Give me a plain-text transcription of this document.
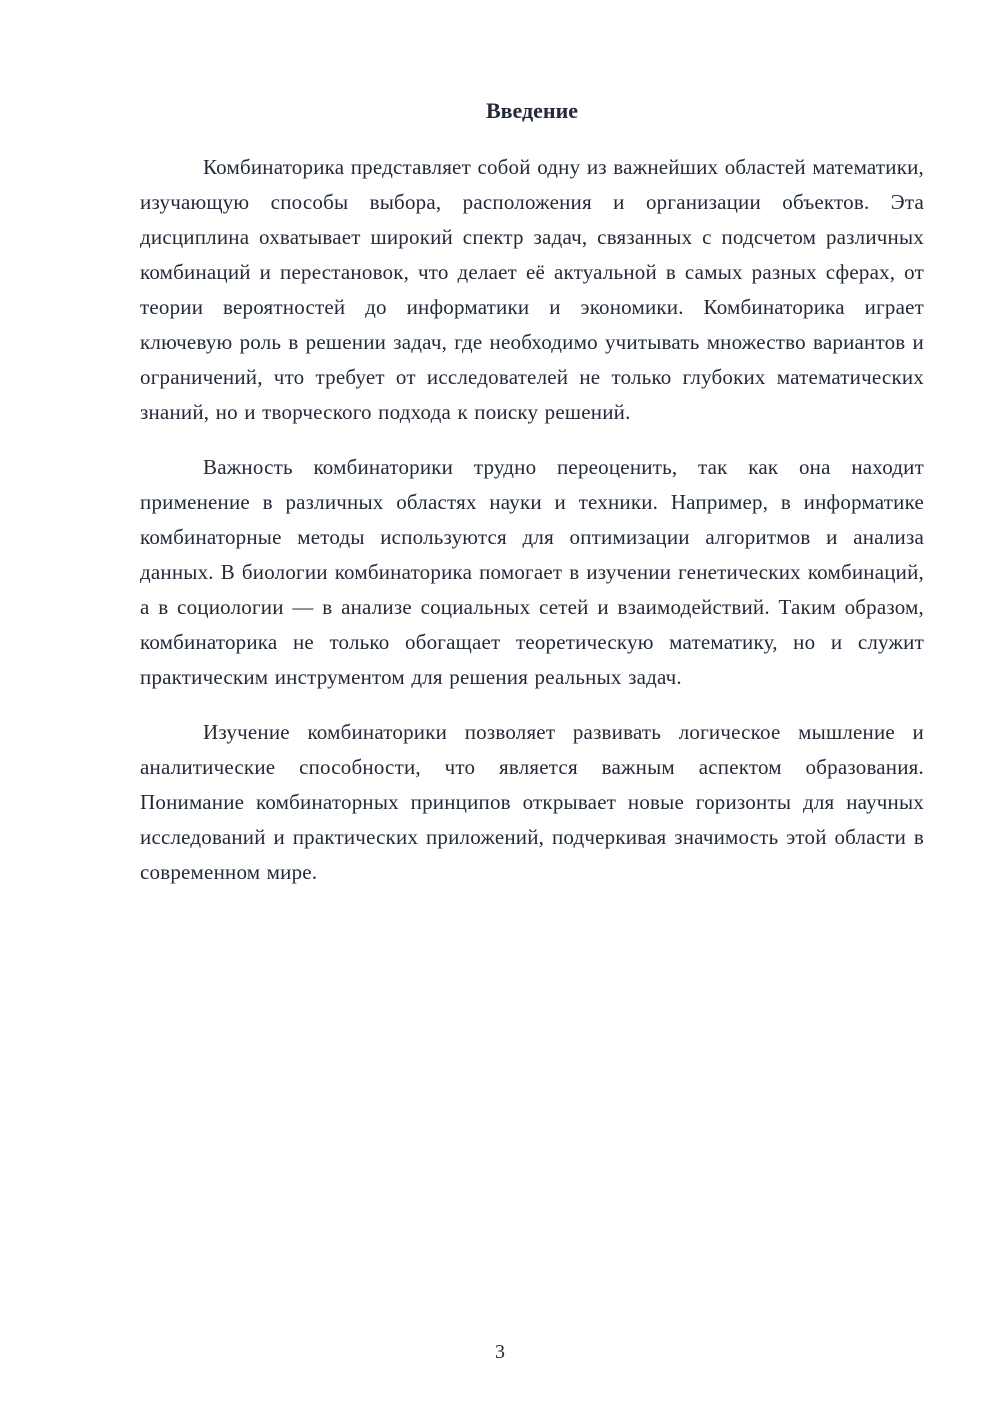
Введение

Комбинаторика представляет собой одну из важнейших областей математики, изучающую способы выбора, расположения и организации объектов. Эта дисциплина охватывает широкий спектр задач, связанных с подсчетом различных комбинаций и перестановок, что делает её актуальной в самых разных сферах, от теории вероятностей до информатики и экономики. Комбинаторика играет ключевую роль в решении задач, где необходимо учитывать множество вариантов и ограничений, что требует от исследователей не только глубоких математических знаний, но и творческого подхода к поиску решений.

Важность комбинаторики трудно переоценить, так как она находит применение в различных областях науки и техники. Например, в информатике комбинаторные методы используются для оптимизации алгоритмов и анализа данных. В биологии комбинаторика помогает в изучении генетических комбинаций, а в социологии — в анализе социальных сетей и взаимодействий. Таким образом, комбинаторика не только обогащает теоретическую математику, но и служит практическим инструментом для решения реальных задач.

Изучение комбинаторики позволяет развивать логическое мышление и аналитические способности, что является важным аспектом образования. Понимание комбинаторных принципов открывает новые горизонты для научных исследований и практических приложений, подчеркивая значимость этой области в современном мире.

3
